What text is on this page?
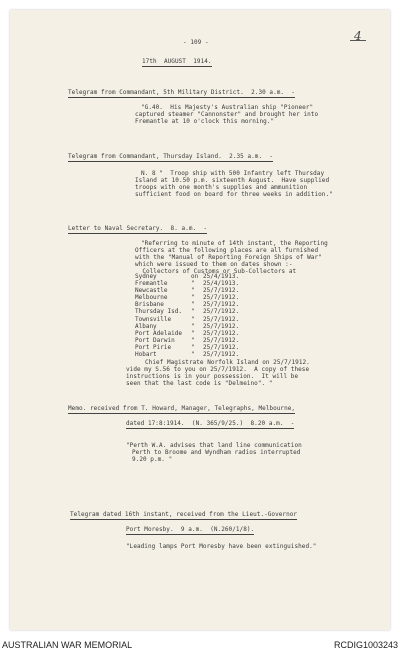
- 109 -	4
17th  AUGUST  1914.
Telegram from Commandant, 5th Military District.  2.30 a.m.  -
"G.40.  His Majesty's Australian ship "Pioneer"
captured steamer "Cannonster" and brought her into
Fremantle at 10 o'clock this morning."
Telegram from Commandant, Thursday Island.  2.35 a.m.  -
N. 8 "  Troop ship with 500 Infantry left Thursday
Island at 10.50 p.m. sixteenth August.  Have supplied
troops with one month's supplies and ammunition
sufficient food on board for three weeks in addition."
Letter to Naval Secretary.  8. a.m.  -
"Referring to minute of 14th instant, the Reporting
Officers at the following places are all furnished
with the "Manual of Reporting Foreign Ships of War"
which were issued to them on dates shown :-
Collectors of Customs or Sub-Collectors at
Sydney	on 25/4/1913.
Fremantle	"	25/4/1913.
Newcastle	"	25/7/1912.
Melbourne	"	25/7/1912.
Brisbane	"	25/7/1912.
Thursday Isd.	"	25/7/1912.
Townsville	"	25/7/1912.
Albany	"	25/7/1912.
Port Adelaide	"	25/7/1912.
Port Darwin	"	25/7/1912.
Port Pirie	"	25/7/1912.
Hobart	"	25/7/1912.
Chief Magistrate Norfolk Island on 25/7/1912.
vide my S.56 to you on 25/7/1912.  A copy of these
instructions is in your possession.  It will be
seen that the last code is "Delmeino". "
Memo. received from T. Howard, Manager, Telegraphs, Melbourne,
dated 17:8:1914.  (N. 365/9/25.)  8.20 a.m.  -
"Perth W.A. advises that land line communication
Perth to Broome and Wyndham radios interrupted
9.20 p.m. "
Telegram dated 16th instant, received from the Lieut.-Governor
Port Moresby.  9 a.m.  (N.260/1/8).
"Leading lamps Port Moresby have been extinguished."
AUSTRALIAN WAR MEMORIAL	RCDIG1003243
